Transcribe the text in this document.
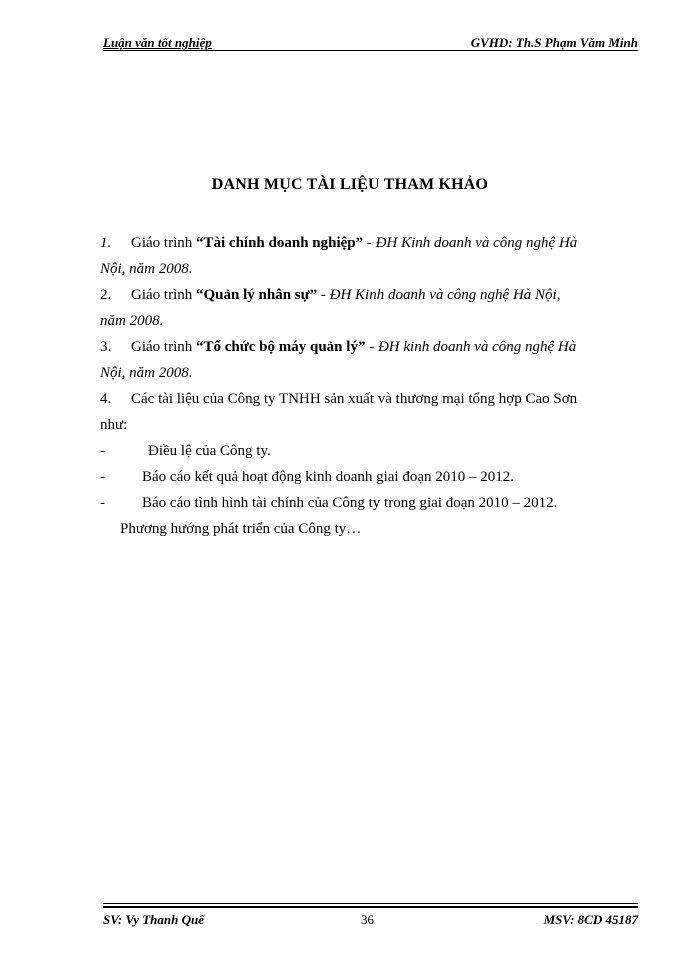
Luận văn tốt nghiệp	GVHD: Th.S Phạm Văm Minh
DANH MỤC TÀI LIỆU THAM KHẢO
1. Giáo trình “Tài chính doanh nghiệp” - ĐH Kinh doanh và công nghệ Hà
Nội, năm 2008.
2. Giáo trình “Quản lý nhân sự” - ĐH Kinh doanh và công nghệ Hà Nội,
năm 2008.
3. Giáo trình “Tổ chức bộ máy quản lý” - ĐH kinh doanh và công nghệ Hà
Nội, năm 2008.
4. Các tài liệu của Công ty TNHH sản xuất và thương mại tổng hợp Cao Sơn
như:
-	Điều lệ của Công ty.
- Báo cáo kết quả hoạt động kinh doanh giai đoạn 2010 – 2012.
- Báo cáo tình hình tài chính của Công ty trong giai đoạn 2010 – 2012.
Phương hướng phát triển của Công ty…
SV: Vy Thanh Quế	36	MSV: 8CD 45187
